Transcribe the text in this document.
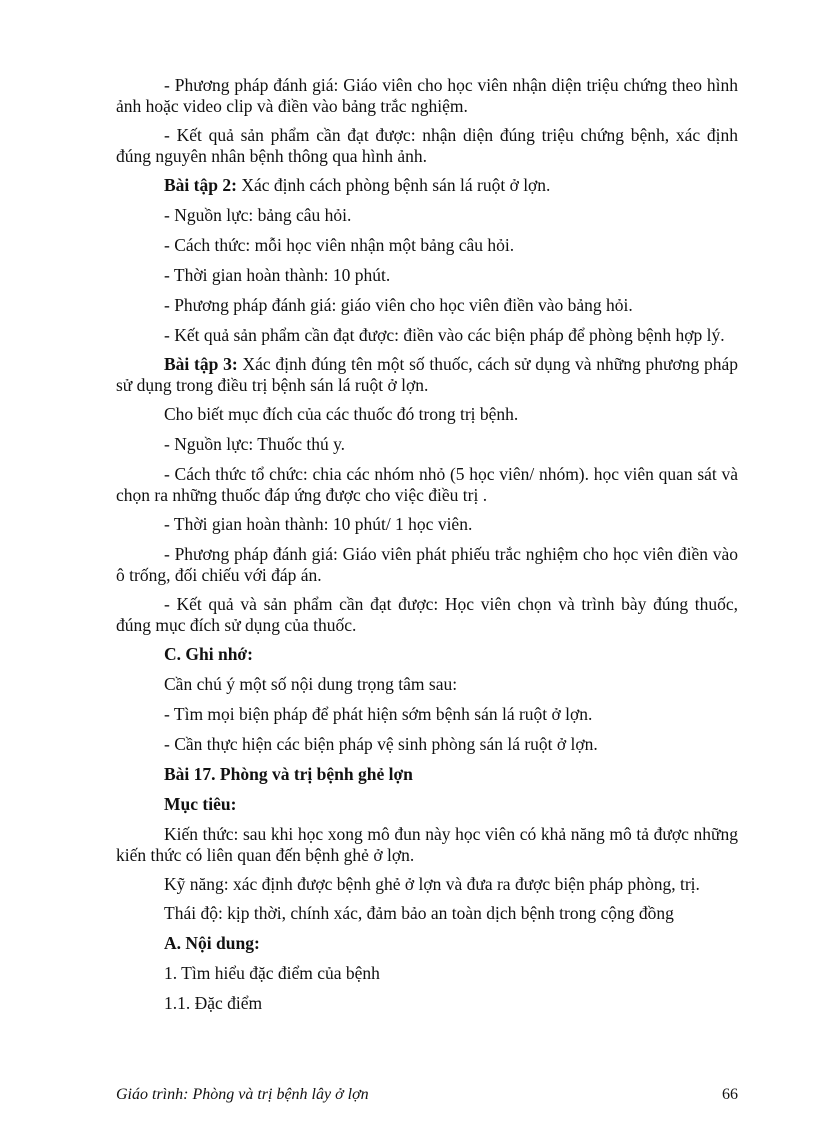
- Phương pháp đánh giá: Giáo viên cho học viên nhận diện triệu chứng theo hình ảnh hoặc video clip và điền vào bảng trắc nghiệm.

- Kết quả sản phẩm cần đạt được: nhận diện đúng triệu chứng bệnh, xác định đúng nguyên nhân bệnh thông qua hình ảnh.

Bài tập 2: Xác định cách phòng bệnh sán lá ruột ở lợn.

- Nguồn lực: bảng câu hỏi.

- Cách thức: mỗi học viên nhận một bảng câu hỏi.

- Thời gian hoàn thành: 10 phút.

- Phương pháp đánh giá: giáo viên cho học viên điền vào bảng hỏi.

- Kết quả sản phẩm cần đạt được: điền vào các biện pháp để phòng bệnh hợp lý.

Bài tập 3: Xác định đúng tên một số thuốc, cách sử dụng và những phương pháp sử dụng trong điều trị bệnh sán lá ruột ở lợn.

Cho biết mục đích của các thuốc đó trong trị bệnh.

- Nguồn lực: Thuốc thú y.

- Cách thức tổ chức: chia các nhóm nhỏ (5 học viên/ nhóm). học viên quan sát và chọn ra những thuốc đáp ứng được cho việc điều trị .

- Thời gian hoàn thành: 10 phút/ 1 học viên.

- Phương pháp đánh giá: Giáo viên phát phiếu trắc nghiệm cho học viên điền vào ô trống, đối chiếu với đáp án.

- Kết quả và sản phẩm cần đạt được: Học viên chọn và trình bày đúng thuốc, đúng mục đích sử dụng của thuốc.

C. Ghi nhớ:

Cần chú ý một số nội dung trọng tâm sau:

- Tìm mọi biện pháp để phát hiện sớm bệnh sán lá ruột ở lợn.

- Cần thực hiện các biện pháp vệ sinh phòng sán lá ruột ở lợn.

Bài 17. Phòng và trị bệnh ghẻ lợn

Mục tiêu:

Kiến thức: sau khi học xong mô đun này học viên có khả năng mô tả được những kiến thức có liên quan đến bệnh ghẻ ở lợn.

Kỹ năng: xác định được bệnh ghẻ ở lợn và đưa ra được biện pháp phòng, trị.

Thái độ: kịp thời, chính xác, đảm bảo an toàn dịch bệnh trong cộng đồng

A. Nội dung:

1. Tìm hiểu đặc điểm của bệnh

1.1. Đặc điểm

Giáo trình: Phòng và trị bệnh lây ở lợn	66
